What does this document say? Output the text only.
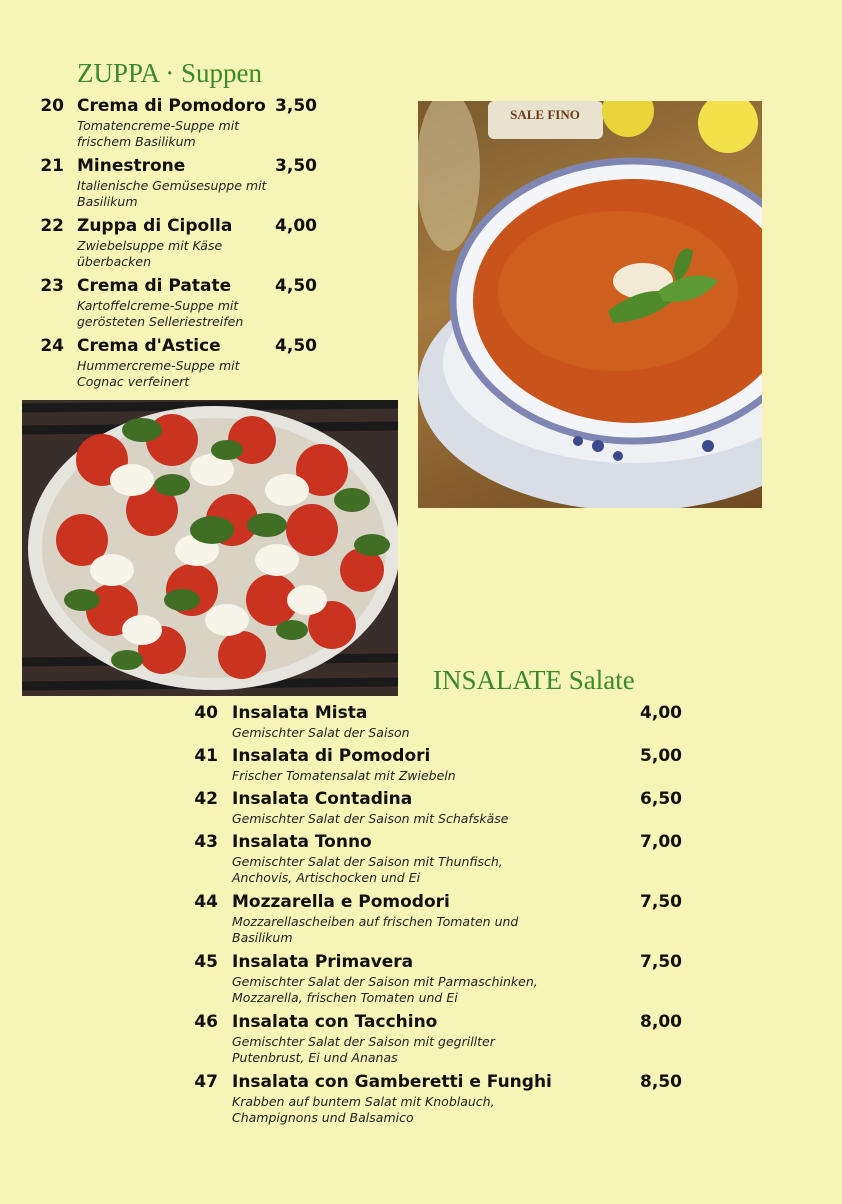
ZUPPA · Suppen
20 Crema di Pomodoro 3,50
Tomatencreme-Suppe mit frischem Basilikum
21 Minestrone	3,50
Italienische Gemüsesuppe mit Basilikum
22 Zuppa di Cipolla	4,00
Zwiebelsuppe mit Käse überbacken
23 Crema di Patate	4,50
Kartoffelcreme-Suppe mit gerösteten Selleriestreifen
24 Crema d'Astice	4,50
Hummercreme-Suppe mit Cognac verfeinert
SALE FINO
INSALATE Salate
40 Insalata Mista	4,00
Gemischter Salat der Saison
41 Insalata di Pomodori	5,00
Frischer Tomatensalat mit Zwiebeln
42 Insalata Contadina	6,50
Gemischter Salat der Saison mit Schafskäse
43 Insalata Tonno	7,00
Gemischter Salat der Saison mit Thunfisch, Anchovis, Artischocken und Ei
44 Mozzarella e Pomodori	7,50
Mozzarellascheiben auf frischen Tomaten und Basilikum
45 Insalata Primavera	7,50
Gemischter Salat der Saison mit Parmaschinken, Mozzarella, frischen Tomaten und Ei
46 Insalata con Tacchino	8,00
Gemischter Salat der Saison mit gegrillter Putenbrust, Ei und Ananas
47 Insalata con Gamberetti e Funghi	8,50
Krabben auf buntem Salat mit Knoblauch, Champignons und Balsamico
